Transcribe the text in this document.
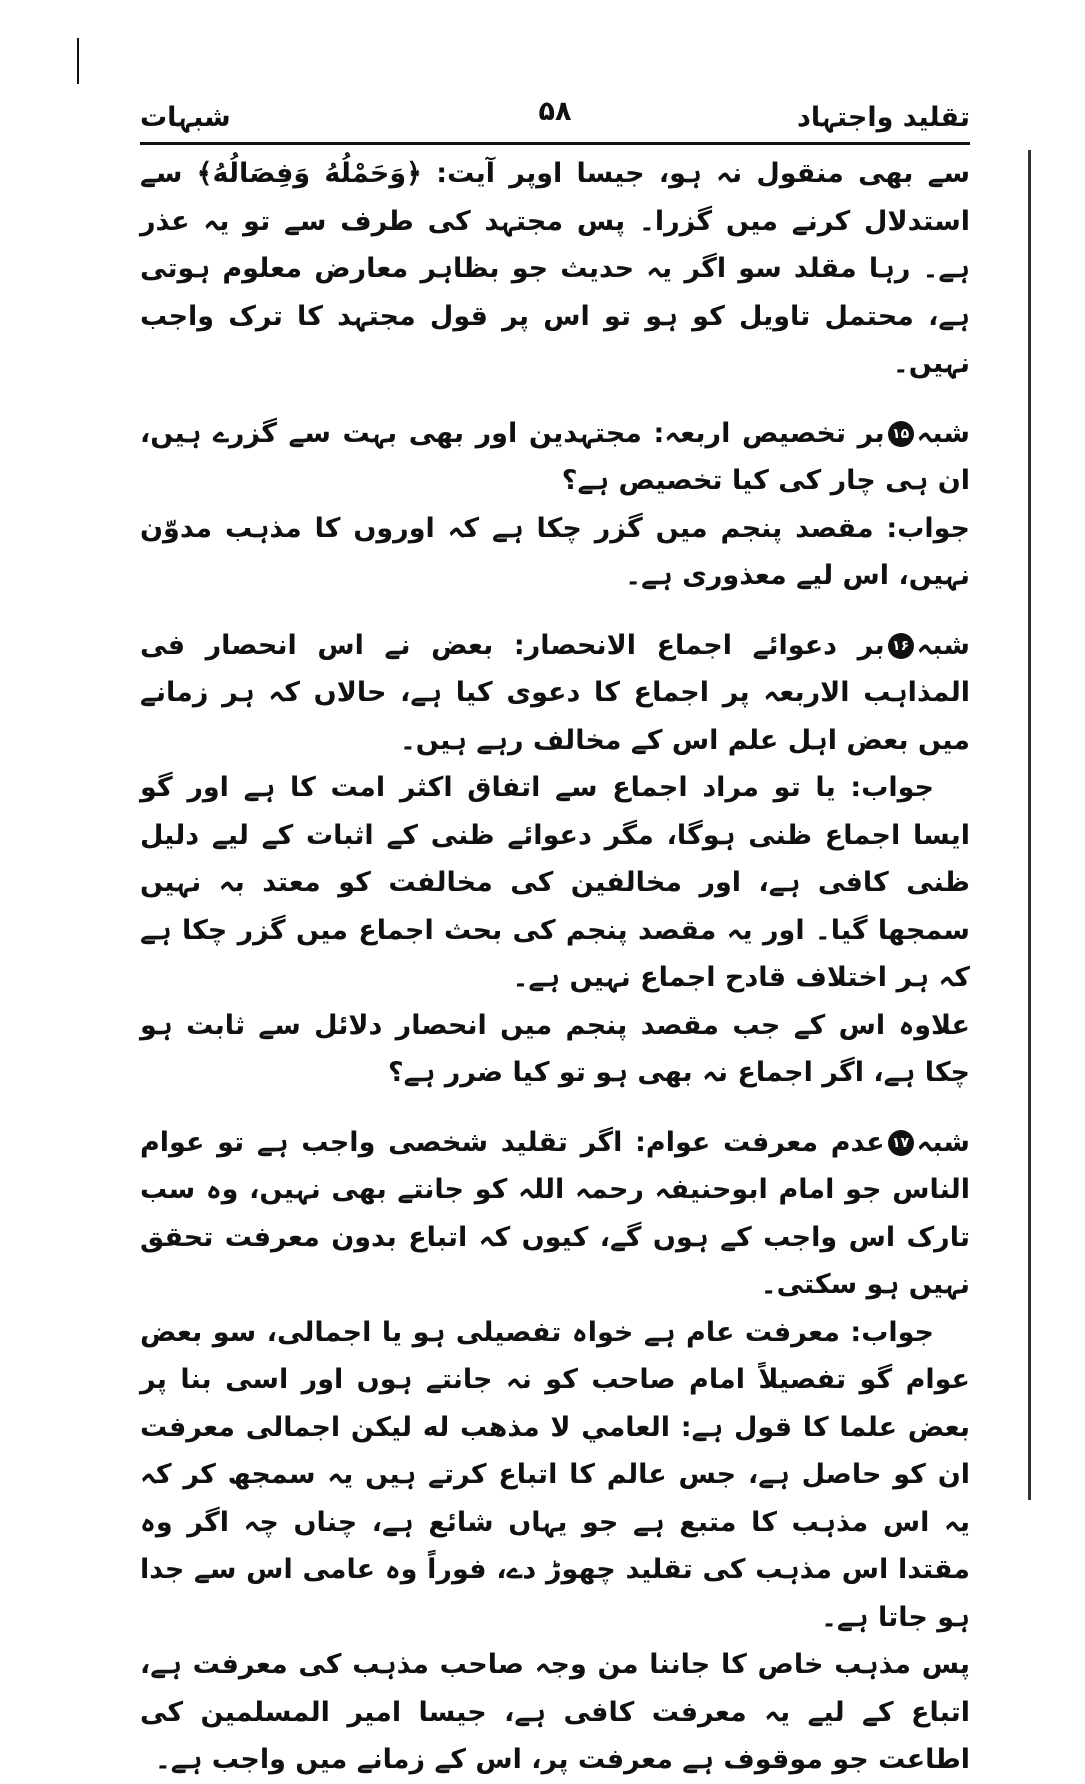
تقلید واجتہاد
۵۸
شبہات

سے بھی منقول نہ ہو، جیسا اوپر آیت: ﴿وَحَمْلُهُ وَفِصَالُهُ﴾ سے استدلال کرنے میں گزرا۔ پس مجتہد کی طرف سے تو یہ عذر ہے۔ رہا مقلد سو اگر یہ حدیث جو بظاہر معارض معلوم ہوتی ہے، محتمل تاویل کو ہو تو اس پر قول مجتہد کا ترک واجب نہیں۔

شبہ۱۵بر تخصیص اربعہ: مجتہدین اور بھی بہت سے گزرے ہیں، ان ہی چار کی کیا تخصیص ہے؟

جواب: مقصد پنجم میں گزر چکا ہے کہ اوروں کا مذہب مدوّن نہیں، اس لیے معذوری ہے۔

شبہ۱۶بر دعوائے اجماع الانحصار: بعض نے اس انحصار فی المذاہب الاربعہ پر اجماع کا دعوی کیا ہے، حالاں کہ ہر زمانے میں بعض اہل علم اس کے مخالف رہے ہیں۔

جواب: یا تو مراد اجماع سے اتفاق اکثر امت کا ہے اور گو ایسا اجماع ظنی ہوگا، مگر دعوائے ظنی کے اثبات کے لیے دلیل ظنی کافی ہے، اور مخالفین کی مخالفت کو معتد بہ نہیں سمجھا گیا۔ اور یہ مقصد پنجم کی بحث اجماع میں گزر چکا ہے کہ ہر اختلاف قادح اجماع نہیں ہے۔

علاوہ اس کے جب مقصد پنجم میں انحصار دلائل سے ثابت ہو چکا ہے، اگر اجماع نہ بھی ہو تو کیا ضرر ہے؟

شبہ۱۷عدم معرفت عوام: اگر تقلید شخصی واجب ہے تو عوام الناس جو امام ابوحنیفہ رحمہ اللہ کو جانتے بھی نہیں، وہ سب تارک اس واجب کے ہوں گے، کیوں کہ اتباع بدون معرفت تحقق نہیں ہو سکتی۔

جواب: معرفت عام ہے خواہ تفصیلی ہو یا اجمالی، سو بعض عوام گو تفصیلاً امام صاحب کو نہ جانتے ہوں اور اسی بنا پر بعض علما کا قول ہے: العامي لا مذهب له لیکن اجمالی معرفت ان کو حاصل ہے، جس عالم کا اتباع کرتے ہیں یہ سمجھ کر کہ یہ اس مذہب کا متبع ہے جو یہاں شائع ہے، چناں چہ اگر وہ مقتدا اس مذہب کی تقلید چھوڑ دے، فوراً وہ عامی اس سے جدا ہو جاتا ہے۔

پس مذہب خاص کا جاننا من وجہ صاحب مذہب کی معرفت ہے، اتباع کے لیے یہ معرفت کافی ہے، جیسا امیر المسلمین کی اطاعت جو موقوف ہے معرفت پر، اس کے زمانے میں واجب ہے۔
